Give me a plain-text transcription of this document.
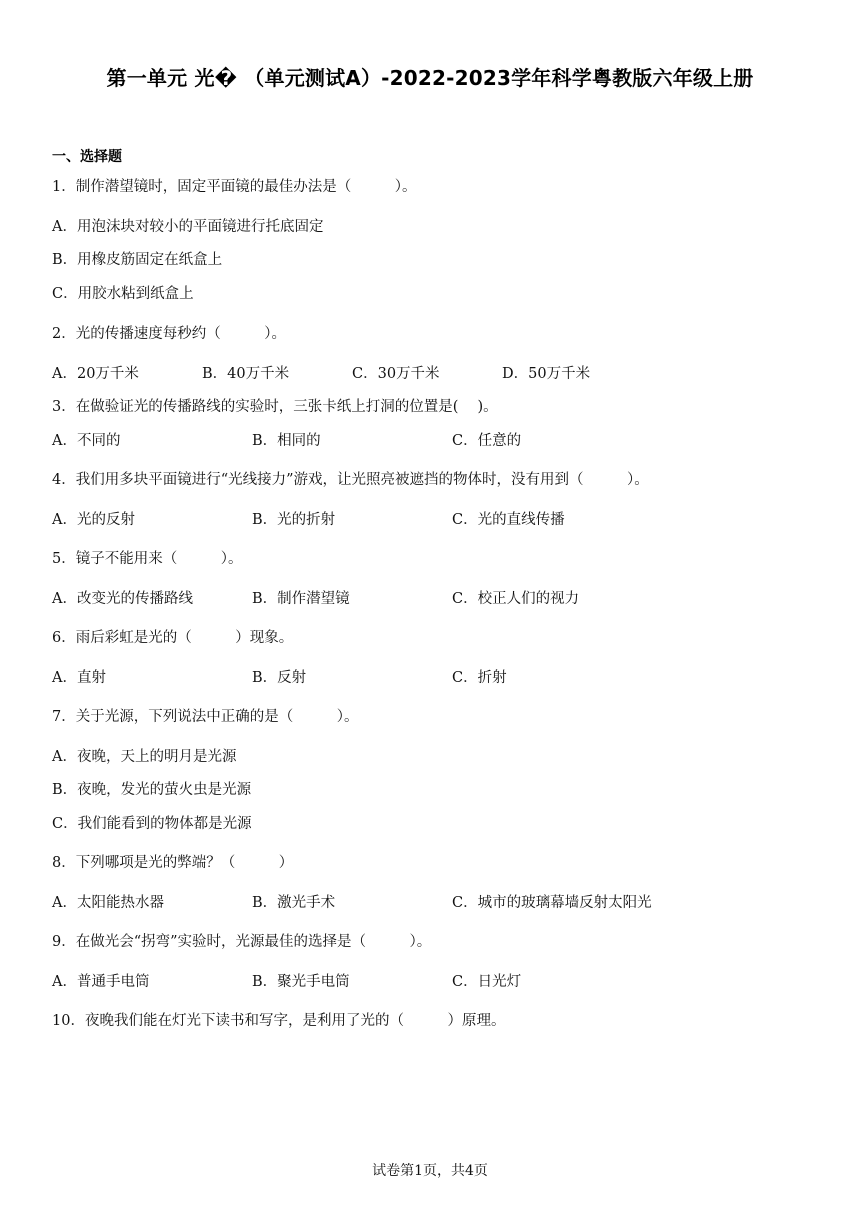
第一单元 光� （单元测试A）-2022-2023学年科学粤教版六年级上册
一、选择题
1．制作潜望镜时，固定平面镜的最佳办法是（　　　）。
A．用泡沫块对较小的平面镜进行托底固定
B．用橡皮筋固定在纸盒上
C．用胶水粘到纸盒上
2．光的传播速度每秒约（　　　）。
A．20万千米	B．40万千米	C．30万千米	D．50万千米
3．在做验证光的传播路线的实验时，三张卡纸上打洞的位置是(　 )。
A．不同的	B．相同的	C．任意的
4．我们用多块平面镜进行“光线接力”游戏，让光照亮被遮挡的物体时，没有用到（　　　）。
A．光的反射	B．光的折射	C．光的直线传播
5．镜子不能用来（　　　）。
A．改变光的传播路线	B．制作潜望镜	C．校正人们的视力
6．雨后彩虹是光的（　　　）现象。
A．直射	B．反射	C．折射
7．关于光源，下列说法中正确的是（　　　）。
A．夜晚，天上的明月是光源
B．夜晚，发光的萤火虫是光源
C．我们能看到的物体都是光源
8．下列哪项是光的弊端？（　　　）
A．太阳能热水器	B．激光手术	C．城市的玻璃幕墙反射太阳光
9．在做光会“拐弯”实验时，光源最佳的选择是（　　　）。
A．普通手电筒	B．聚光手电筒	C．日光灯
10．夜晚我们能在灯光下读书和写字，是利用了光的（　　　）原理。
试卷第1页，共4页
